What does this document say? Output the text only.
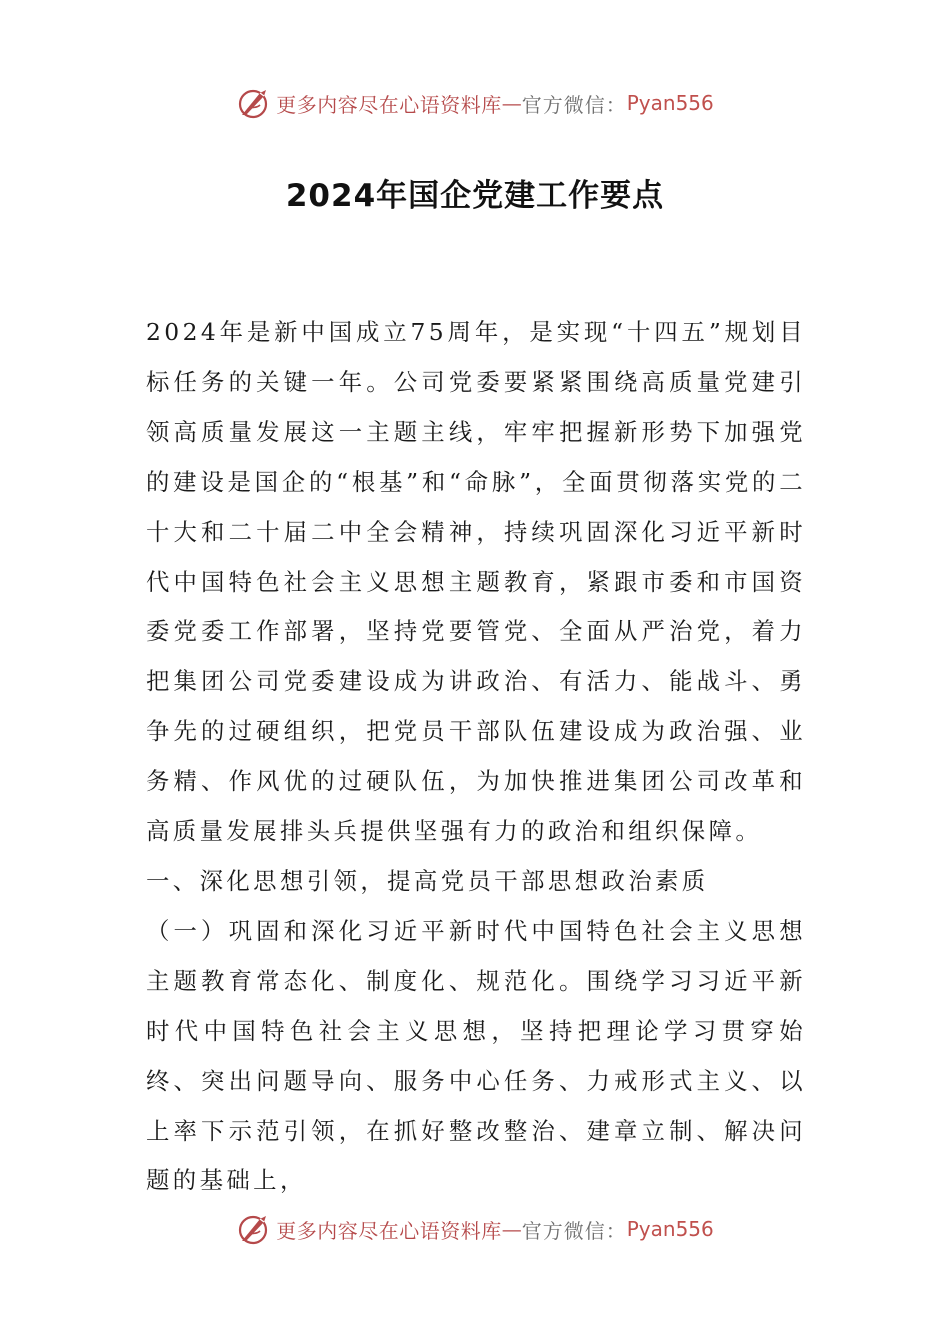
更多内容尽在心语资料库 — 官方微信： Pyan556
2024年国企党建工作要点

2024年是新中国成立75周年，是实现“十四五”规划目标任务的关键一年。公司党委要紧紧围绕高质量党建引领高质量发展这一主题主线，牢牢把握新形势下加强党的建设是国企的“根基”和“命脉”，全面贯彻落实党的二十大和二十届二中全会精神，持续巩固深化习近平新时代中国特色社会主义思想主题教育，紧跟市委和市国资委党委工作部署，坚持党要管党、全面从严治党，着力把集团公司党委建设成为讲政治、有活力、能战斗、勇争先的过硬组织，把党员干部队伍建设成为政治强、业务精、作风优的过硬队伍，为加快推进集团公司改革和高质量发展排头兵提供坚强有力的政治和组织保障。

一、深化思想引领，提高党员干部思想政治素质

（一）巩固和深化习近平新时代中国特色社会主义思想主题教育常态化、制度化、规范化。围绕学习习近平新时代中国特色社会主义思想，坚持把理论学习贯穿始终、突出问题导向、服务中心任务、力戒形式主义、以上率下示范引领，在抓好整改整治、建章立制、解决问题的基础上，

更多内容尽在心语资料库 — 官方微信： Pyan556
